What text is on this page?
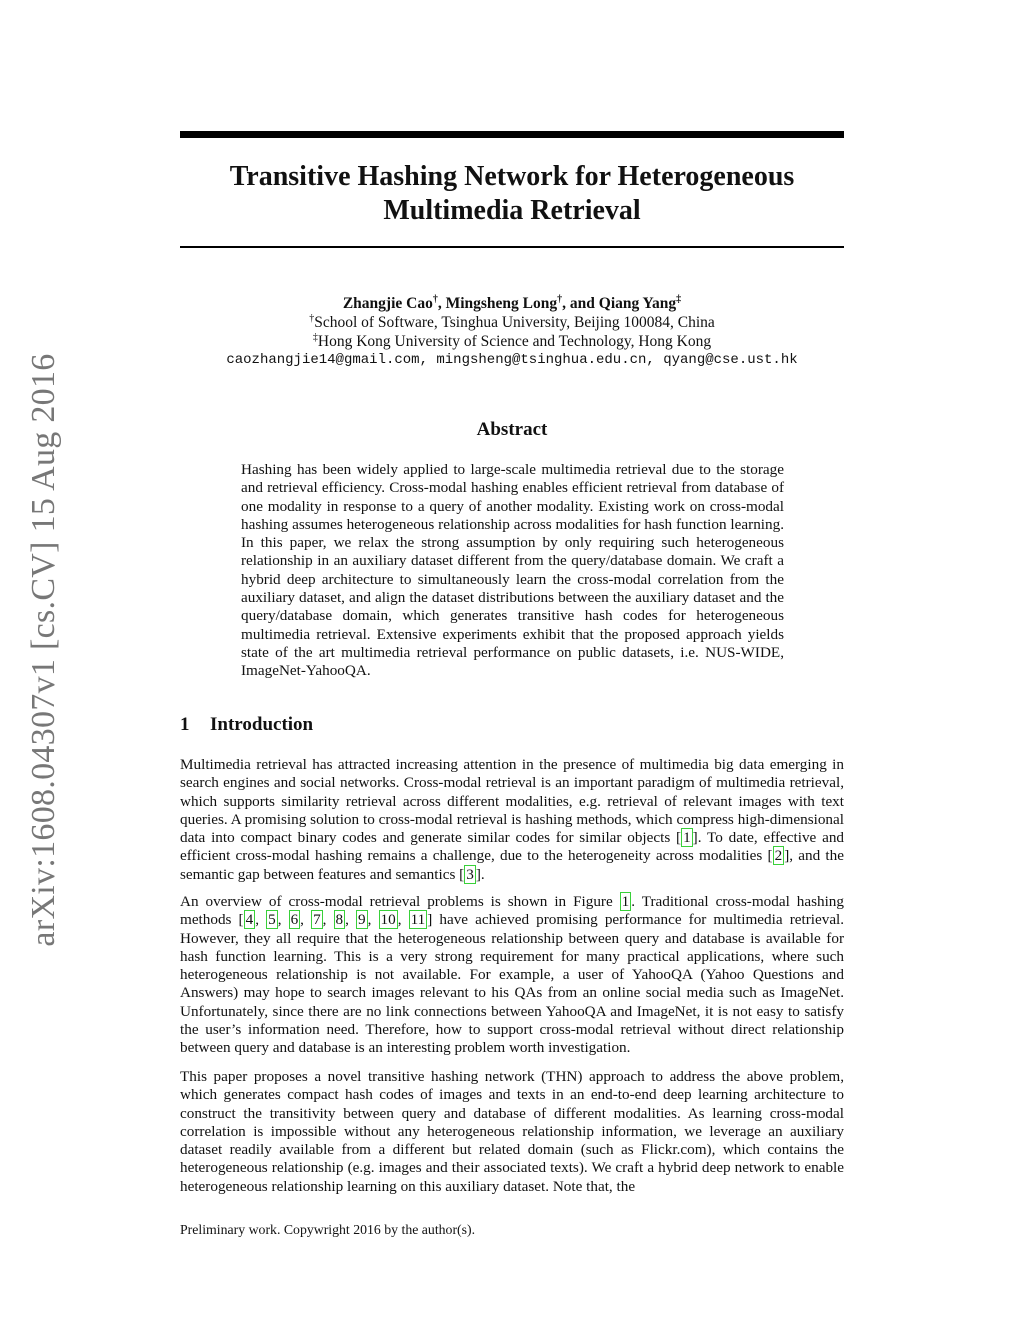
arXiv:1608.04307v1 [cs.CV] 15 Aug 2016
Transitive Hashing Network for Heterogeneous
Multimedia Retrieval
Zhangjie Cao†, Mingsheng Long†, and Qiang Yang‡
†School of Software, Tsinghua University, Beijing 100084, China
‡Hong Kong University of Science and Technology, Hong Kong
caozhangjie14@gmail.com, mingsheng@tsinghua.edu.cn, qyang@cse.ust.hk
Abstract

Hashing has been widely applied to large-scale multimedia retrieval due to the storage and retrieval efficiency. Cross-modal hashing enables efficient retrieval from database of one modality in response to a query of another modality. Existing work on cross-modal hashing assumes heterogeneous relationship across modalities for hash function learning. In this paper, we relax the strong assumption by only requiring such heterogeneous relationship in an auxiliary dataset different from the query/database domain. We craft a hybrid deep architecture to simultaneously learn the cross-modal correlation from the auxiliary dataset, and align the dataset distributions between the auxiliary dataset and the query/database domain, which generates transitive hash codes for heterogeneous multimedia retrieval. Extensive experiments exhibit that the proposed approach yields state of the art multimedia retrieval performance on public datasets, i.e. NUS-WIDE, ImageNet-YahooQA.

1 Introduction

Multimedia retrieval has attracted increasing attention in the presence of multimedia big data emerging in search engines and social networks. Cross-modal retrieval is an important paradigm of multimedia retrieval, which supports similarity retrieval across different modalities, e.g. retrieval of relevant images with text queries. A promising solution to cross-modal retrieval is hashing methods, which compress high-dimensional data into compact binary codes and generate similar codes for similar objects [ 1 ]. To date, effective and efficient cross-modal hashing remains a challenge, due to the heterogeneity across modalities [ 2 ], and the semantic gap between features and semantics [ 3 ].

An overview of cross-modal retrieval problems is shown in Figure 1 . Traditional cross-modal hashing methods [ 4 , 5 , 6 , 7 , 8 , 9 , 10 , 11 ] have achieved promising performance for multimedia retrieval. However, they all require that the heterogeneous relationship between query and database is available for hash function learning. This is a very strong requirement for many practical applications, where such heterogeneous relationship is not available. For example, a user of YahooQA (Yahoo Questions and Answers) may hope to search images relevant to his QAs from an online social media such as ImageNet. Unfortunately, since there are no link connections between YahooQA and ImageNet, it is not easy to satisfy the user’s information need. Therefore, how to support cross-modal retrieval without direct relationship between query and database is an interesting problem worth investigation.

This paper proposes a novel transitive hashing network (THN) approach to address the above problem, which generates compact hash codes of images and texts in an end-to-end deep learning architecture to construct the transitivity between query and database of different modalities. As learning cross-modal correlation is impossible without any heterogeneous relationship information, we leverage an auxiliary dataset readily available from a different but related domain (such as Flickr.com), which contains the heterogeneous relationship (e.g. images and their associated texts). We craft a hybrid deep network to enable heterogeneous relationship learning on this auxiliary dataset. Note that, the

Preliminary work. Copywright 2016 by the author(s).
